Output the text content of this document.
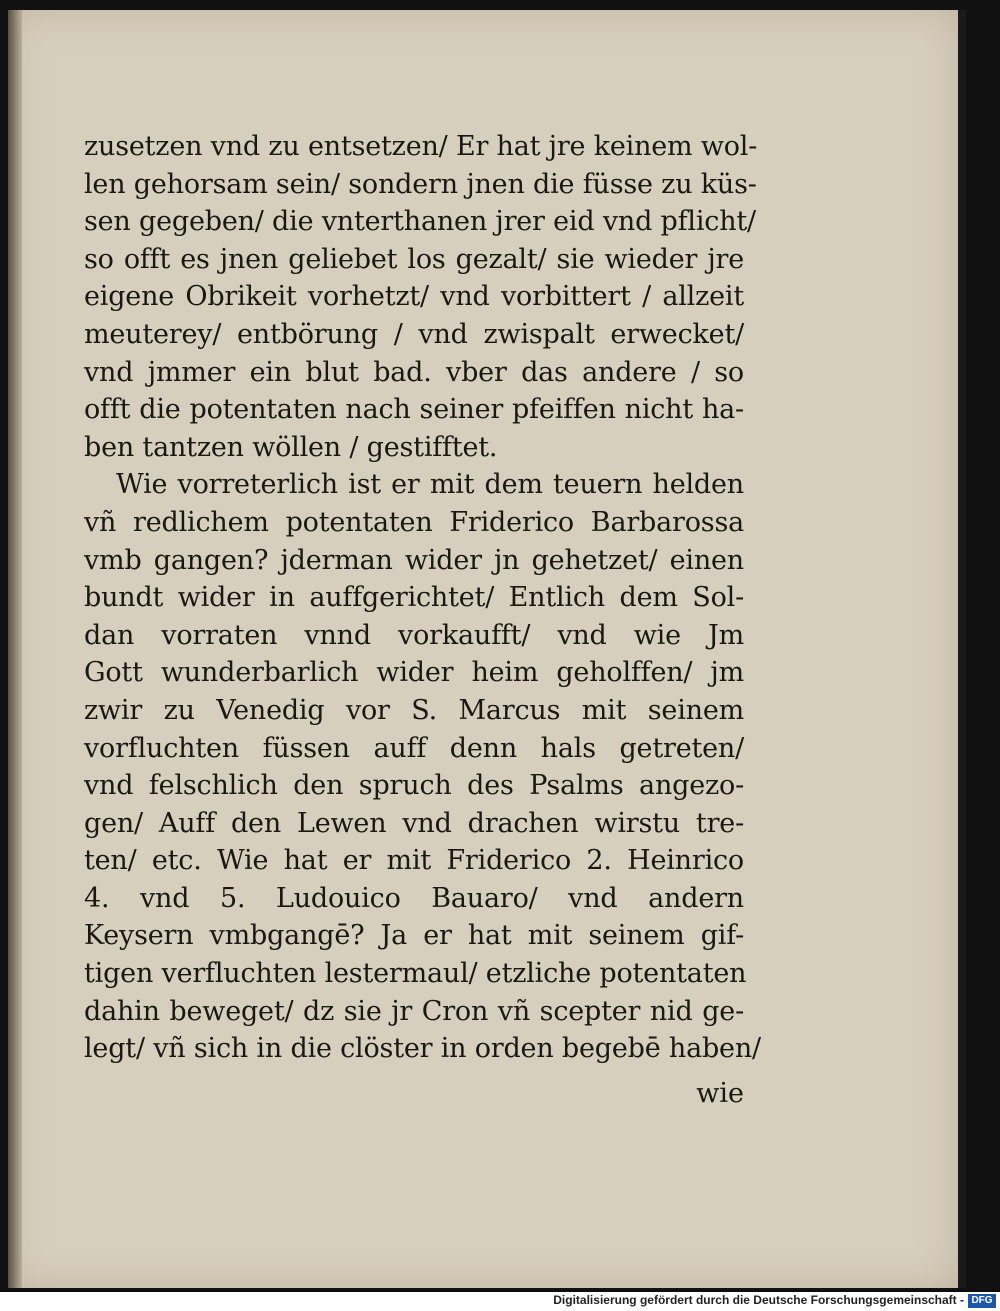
zusetzen vnd zu entsetzen/ Er hat jre keinem wol-
len gehorsam sein/ sondern jnen die füsse zu küs-
sen gegeben/ die vnterthanen jrer eid vnd pflicht/
so offt es jnen geliebet los gezalt/ sie wieder jre
eigene Obrikeit vorhetzt/ vnd vorbittert / allzeit
meuterey/ entbörung / vnd zwispalt erwecket/
vnd jmmer ein blut bad. vber das andere / so
offt die potentaten nach seiner pfeiffen nicht ha-
ben tantzen wöllen / gestifftet.
Wie vorreterlich ist er mit dem teuern helden
vñ redlichem potentaten Friderico Barbarossa
vmb gangen? jderman wider jn gehetzet/ einen
bundt wider in auffgerichtet/ Entlich dem Sol-
dan vorraten vnnd vorkaufft/ vnd wie Jm
Gott wunderbarlich wider heim geholffen/ jm
zwir zu Venedig vor S. Marcus mit seinem
vorfluchten füssen auff denn hals getreten/
vnd felschlich den spruch des Psalms angezo-
gen/ Auff den Lewen vnd drachen wirstu tre-
ten/ etc. Wie hat er mit Friderico 2. Heinrico
4. vnd 5. Ludouico Bauaro/ vnd andern
Keysern vmbgangē? Ja er hat mit seinem gif-
tigen verfluchten lestermaul/ etzliche potentaten
dahin beweget/ dz sie jr Cron vñ scepter nid ge-
legt/ vñ sich in die clöster in orden begebē haben/
wie
Digitalisierung gefördert durch die Deutsche Forschungsgemeinschaft - DFG
